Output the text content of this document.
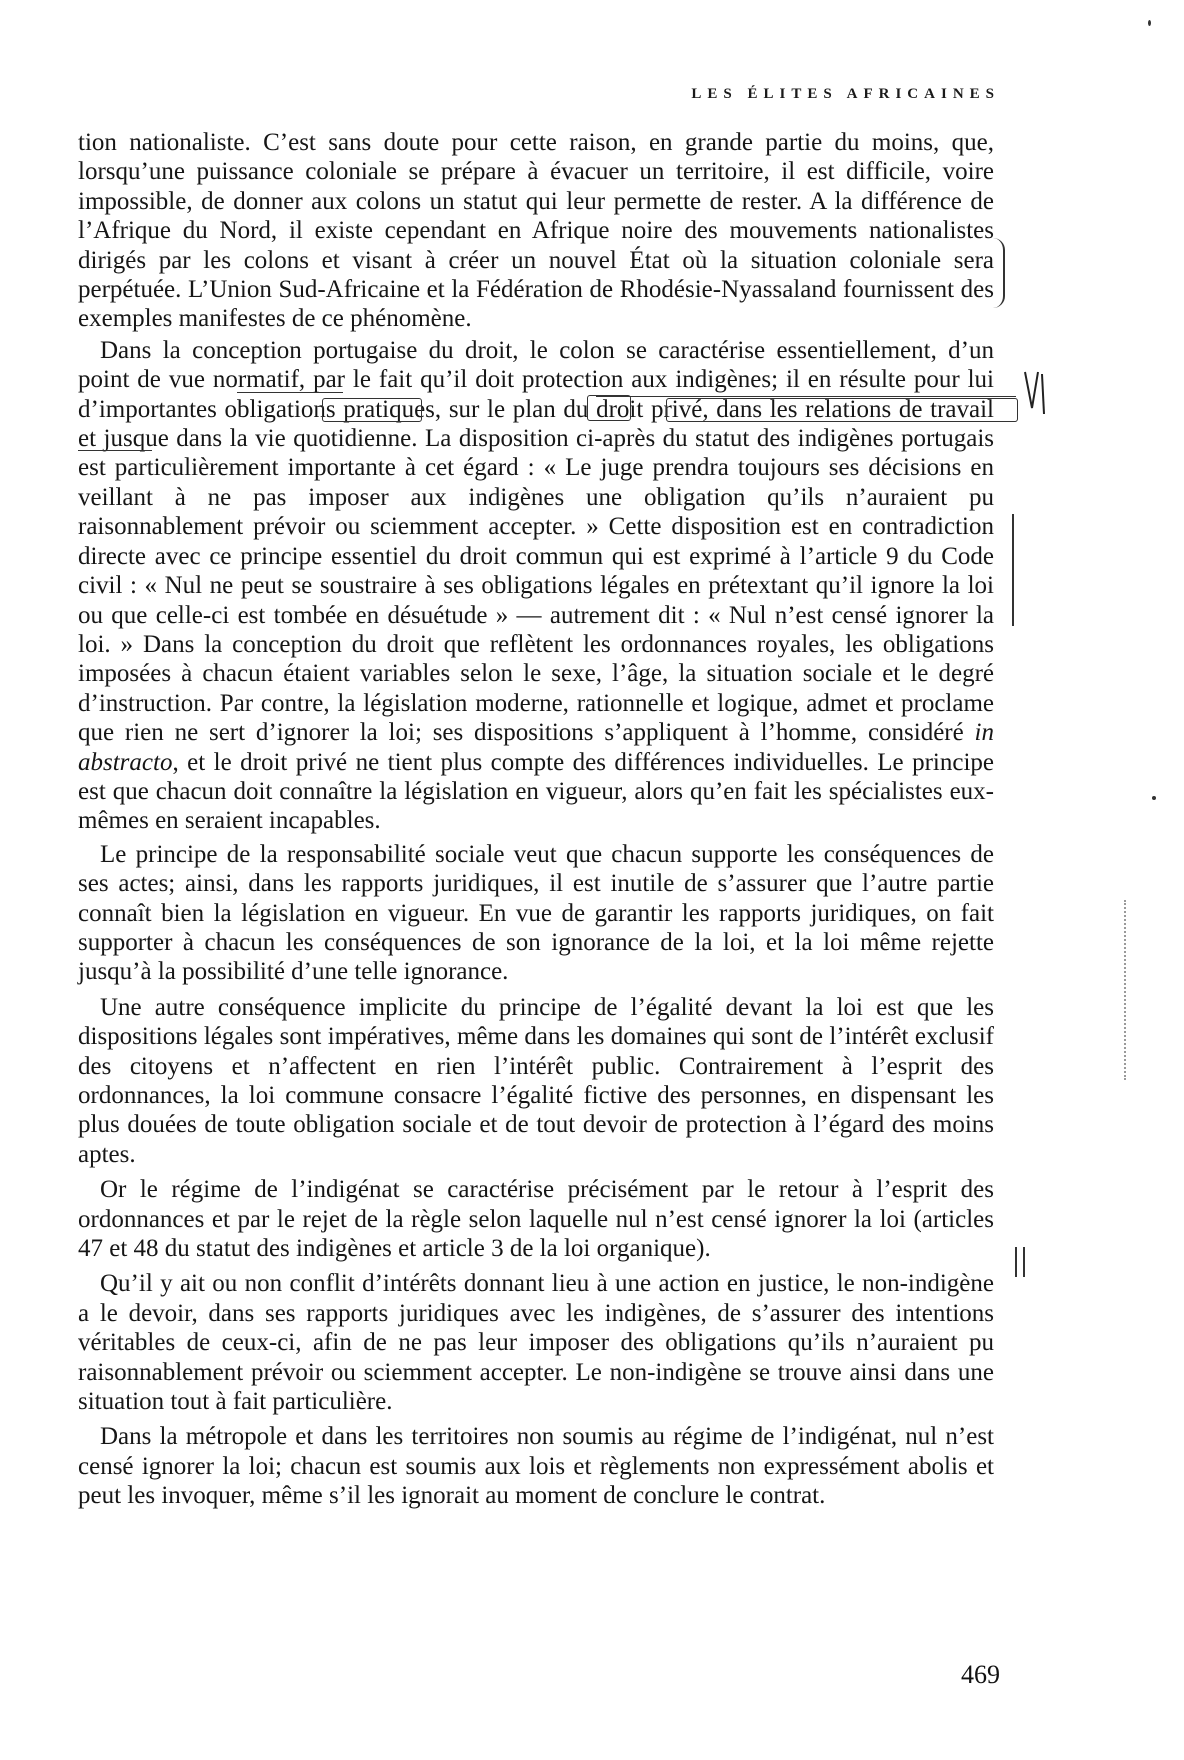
LES ÉLITES AFRICAINES

tion nationaliste. C’est sans doute pour cette raison, en grande partie du moins, que, lorsqu’une puissance coloniale se prépare à évacuer un territoire, il est difficile, voire impossible, de donner aux colons un statut qui leur permette de rester. A la différence de l’Afrique du Nord, il existe cependant en Afrique noire des mouvements nationalistes dirigés par les colons et visant à créer un nouvel État où la situation coloniale sera perpétuée. L’Union Sud-Africaine et la Fédération de Rhodésie-Nyassaland fournissent des exemples manifestes de ce phénomène.

Dans la conception portugaise du droit, le colon se caractérise essentiellement, d’un point de vue normatif, par le fait qu’il doit protection aux indigènes; il en résulte pour lui d’importantes obligations pratiques, sur le plan du droit privé, dans les relations de travail et jusque dans la vie quotidienne. La disposition ci-après du statut des indigènes portugais est particulièrement importante à cet égard : « Le juge prendra toujours ses décisions en veillant à ne pas imposer aux indigènes une obligation qu’ils n’auraient pu raisonnablement prévoir ou sciemment accepter. » Cette disposition est en contradiction directe avec ce principe essentiel du droit commun qui est exprimé à l’article 9 du Code civil : « Nul ne peut se soustraire à ses obligations légales en prétextant qu’il ignore la loi ou que celle-ci est tombée en désuétude » — autrement dit : « Nul n’est censé ignorer la loi. » Dans la conception du droit que reflètent les ordonnances royales, les obligations imposées à chacun étaient variables selon le sexe, l’âge, la situation sociale et le degré d’instruction. Par contre, la législation moderne, rationnelle et logique, admet et proclame que rien ne sert d’ignorer la loi; ses dispositions s’appliquent à l’homme, considéré in abstracto, et le droit privé ne tient plus compte des différences individuelles. Le principe est que chacun doit connaître la législation en vigueur, alors qu’en fait les spécialistes eux-mêmes en seraient incapables.

Le principe de la responsabilité sociale veut que chacun supporte les conséquences de ses actes; ainsi, dans les rapports juridiques, il est inutile de s’assurer que l’autre partie connaît bien la législation en vigueur. En vue de garantir les rapports juridiques, on fait supporter à chacun les conséquences de son ignorance de la loi, et la loi même rejette jusqu’à la possibilité d’une telle ignorance.

Une autre conséquence implicite du principe de l’égalité devant la loi est que les dispositions légales sont impératives, même dans les domaines qui sont de l’intérêt exclusif des citoyens et n’affectent en rien l’intérêt public. Contrairement à l’esprit des ordonnances, la loi commune consacre l’égalité fictive des personnes, en dispensant les plus douées de toute obligation sociale et de tout devoir de protection à l’égard des moins aptes.

Or le régime de l’indigénat se caractérise précisément par le retour à l’esprit des ordonnances et par le rejet de la règle selon laquelle nul n’est censé ignorer la loi (articles 47 et 48 du statut des indigènes et article 3 de la loi organique).

Qu’il y ait ou non conflit d’intérêts donnant lieu à une action en justice, le non-indigène a le devoir, dans ses rapports juridiques avec les indigènes, de s’assurer des intentions véritables de ceux-ci, afin de ne pas leur imposer des obligations qu’ils n’auraient pu raisonnablement prévoir ou sciemment accepter. Le non-indigène se trouve ainsi dans une situation tout à fait particulière.

Dans la métropole et dans les territoires non soumis au régime de l’indigénat, nul n’est censé ignorer la loi; chacun est soumis aux lois et règlements non expressément abolis et peut les invoquer, même s’il les ignorait au moment de conclure le contrat.

469
